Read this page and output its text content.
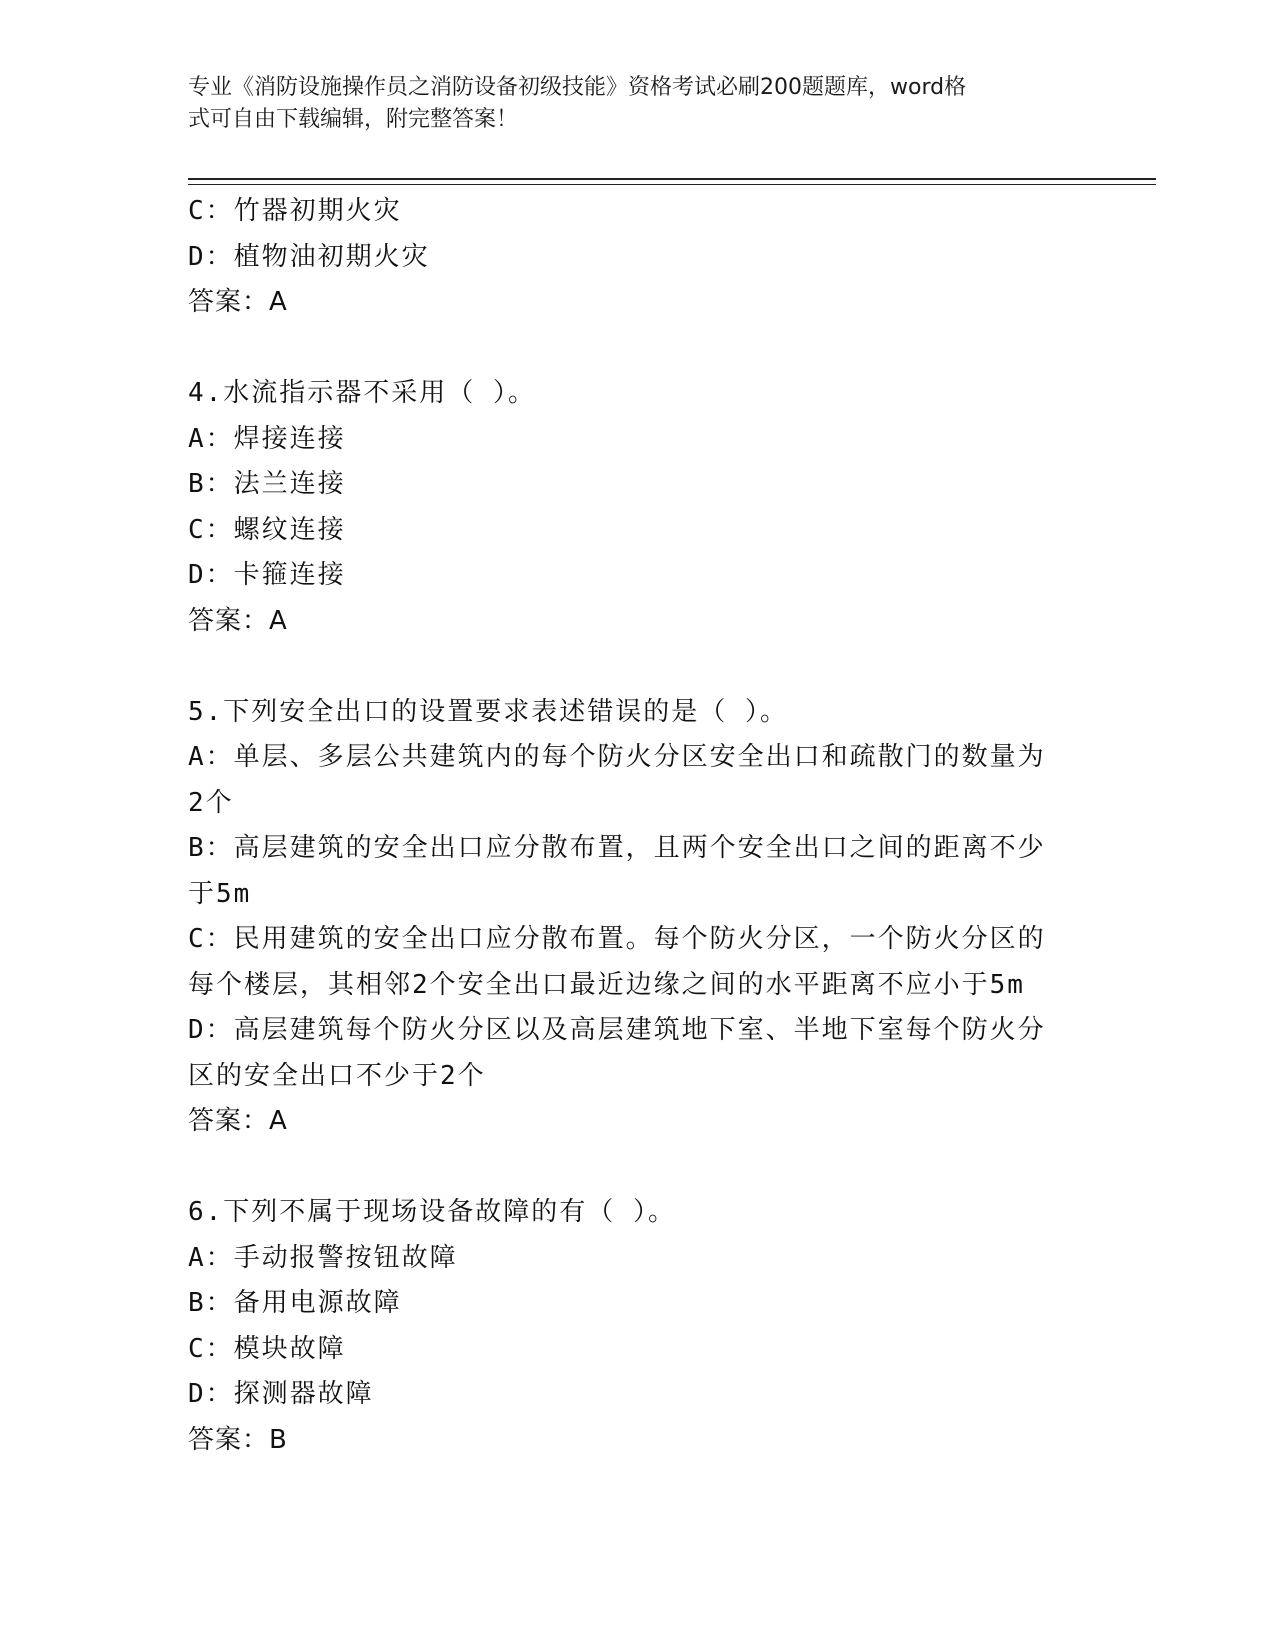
专业《消防设施操作员之消防设备初级技能》资格考试必刷200题题库，word格
式可自由下载编辑，附完整答案！
C：竹器初期火灾
D：植物油初期火灾
答案：A
4.水流指示器不采用（ ）。
A：焊接连接
B：法兰连接
C：螺纹连接
D：卡箍连接
答案：A
5.下列安全出口的设置要求表述错误的是（ ）。
A：单层、多层公共建筑内的每个防火分区安全出口和疏散门的数量为
2个
B：高层建筑的安全出口应分散布置，且两个安全出口之间的距离不少
于5m
C：民用建筑的安全出口应分散布置。每个防火分区，一个防火分区的
每个楼层，其相邻2个安全出口最近边缘之间的水平距离不应小于5m
D：高层建筑每个防火分区以及高层建筑地下室、半地下室每个防火分
区的安全出口不少于2个
答案：A
6.下列不属于现场设备故障的有（ ）。
A：手动报警按钮故障
B：备用电源故障
C：模块故障
D：探测器故障
答案：B
